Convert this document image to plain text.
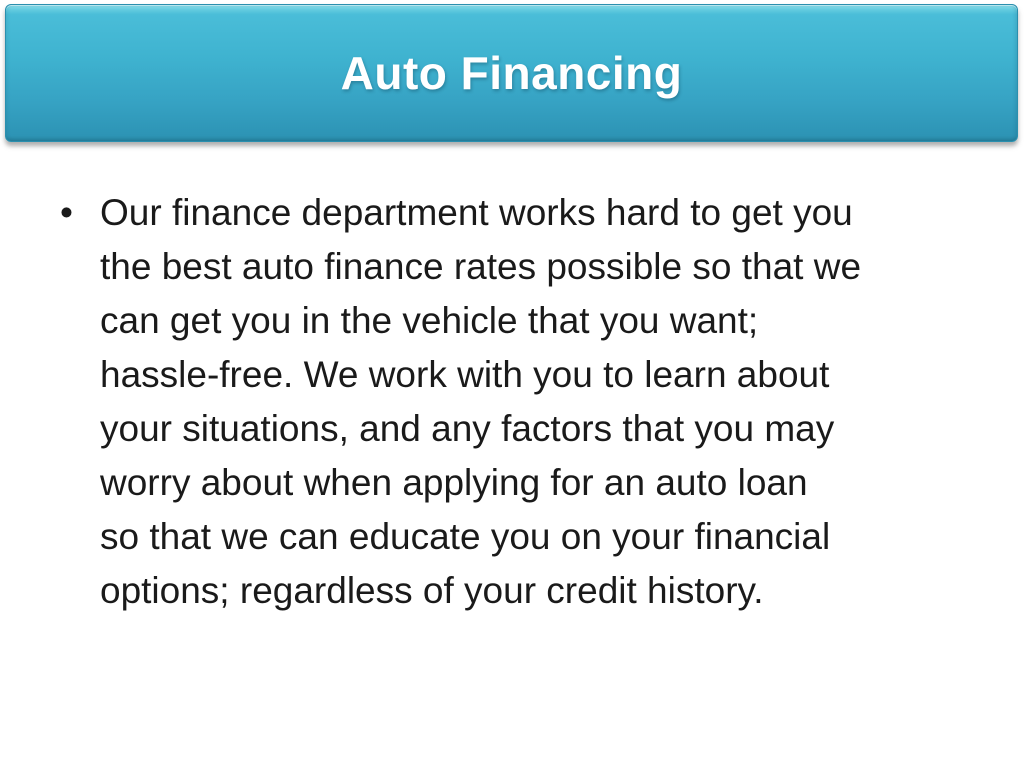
Auto Financing
• Our finance department works hard to get you
the best auto finance rates possible so that we
can get you in the vehicle that you want;
hassle-free. We work with you to learn about
your situations, and any factors that you may
worry about when applying for an auto loan
so that we can educate you on your financial
options; regardless of your credit history.
